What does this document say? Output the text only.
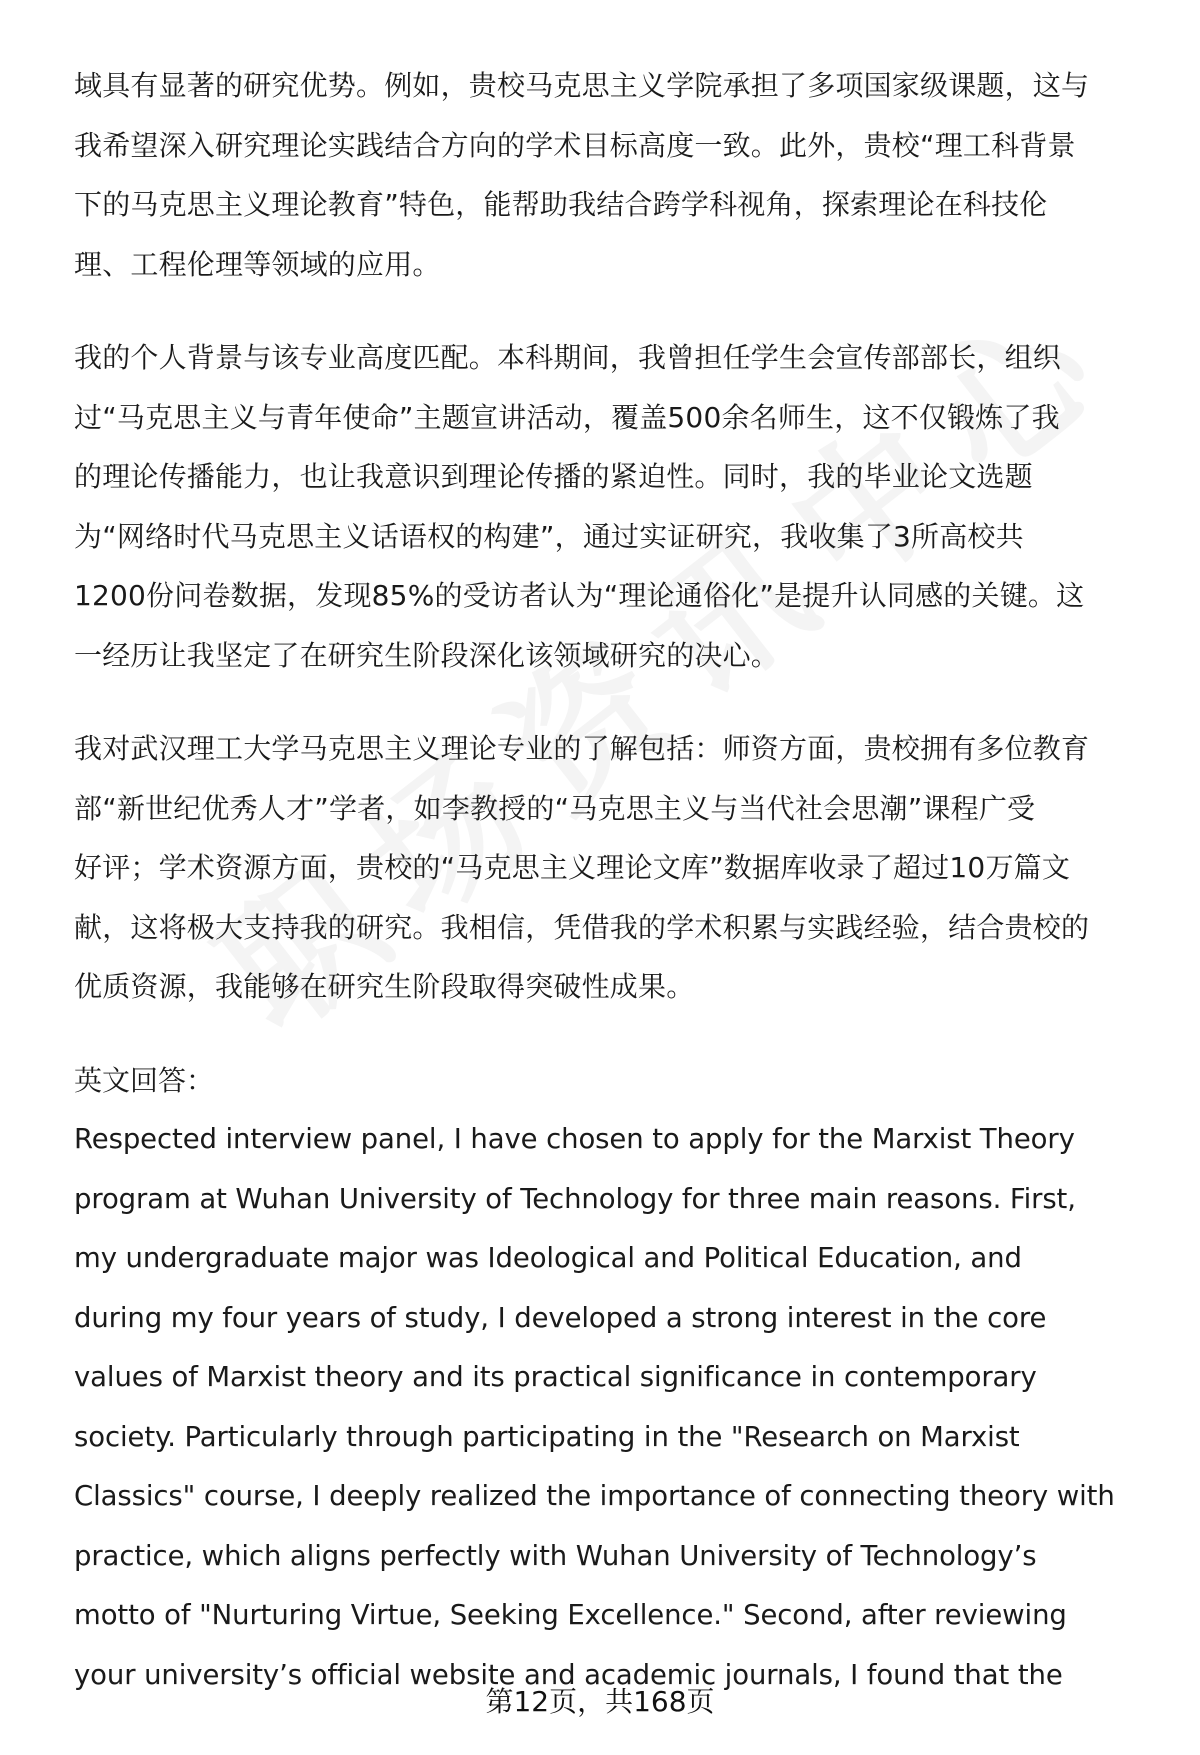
域具有显著的研究优势。例如，贵校马克思主义学院承担了多项国家级课题，这与
我希望深入研究理论实践结合方向的学术目标高度一致。此外，贵校“理工科背景
下的马克思主义理论教育”特色，能帮助我结合跨学科视角，探索理论在科技伦
理、工程伦理等领域的应用。
我的个人背景与该专业高度匹配。本科期间，我曾担任学生会宣传部部长，组织
过“马克思主义与青年使命”主题宣讲活动，覆盖500余名师生，这不仅锻炼了我
的理论传播能力，也让我意识到理论传播的紧迫性。同时，我的毕业论文选题
为“网络时代马克思主义话语权的构建”，通过实证研究，我收集了3所高校共
1200份问卷数据，发现85%的受访者认为“理论通俗化”是提升认同感的关键。这
一经历让我坚定了在研究生阶段深化该领域研究的决心。
我对武汉理工大学马克思主义理论专业的了解包括：师资方面，贵校拥有多位教育
部“新世纪优秀人才”学者，如李教授的“马克思主义与当代社会思潮”课程广受
好评；学术资源方面，贵校的“马克思主义理论文库”数据库收录了超过10万篇文
献，这将极大支持我的研究。我相信，凭借我的学术积累与实践经验，结合贵校的
优质资源，我能够在研究生阶段取得突破性成果。
英文回答：
Respected interview panel, I have chosen to apply for the Marxist Theory
program at Wuhan University of Technology for three main reasons. First,
my undergraduate major was Ideological and Political Education, and
during my four years of study, I developed a strong interest in the core
values of Marxist theory and its practical significance in contemporary
society. Particularly through participating in the "Research on Marxist
Classics" course, I deeply realized the importance of connecting theory with
practice, which aligns perfectly with Wuhan University of Technology’s
motto of "Nurturing Virtue, Seeking Excellence." Second, after reviewing
your university’s official website and academic journals, I found that the
第12页，共168页
